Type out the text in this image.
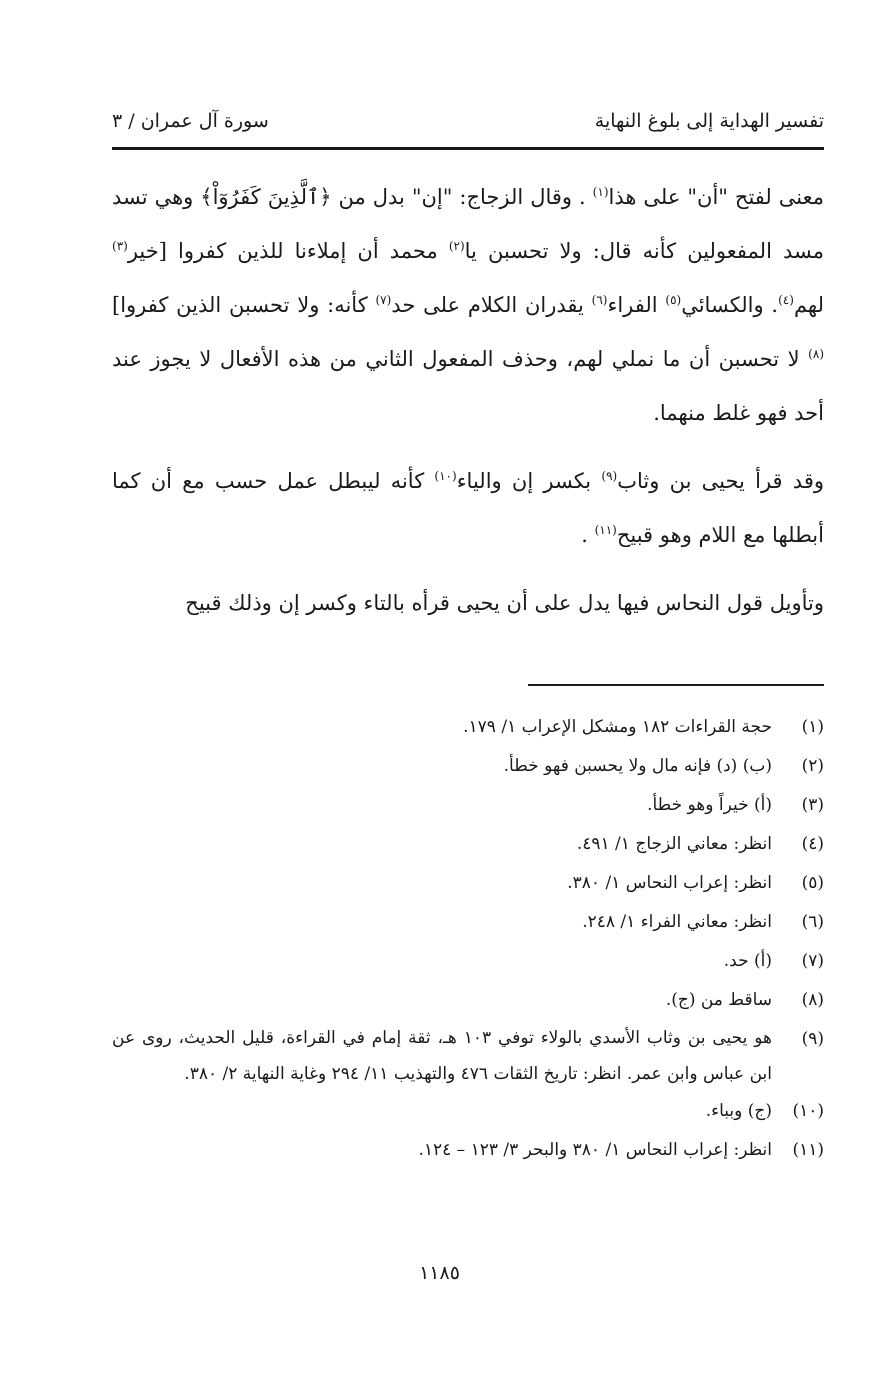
تفسير الهداية إلى بلوغ النهاية
سورة آل عمران / ٣

معنى لفتح "أن" على هذا$^{(١)}$ . وقال الزجاج: "إن" بدل من ﴿ٱلَّذِينَ كَفَرُوٓاْ﴾ وهي تسد مسد المفعولين كأنه قال: ولا تحسبن يا$^{(٢)}$ محمد أن إملاءنا للذين كفروا [خير$^{(٣)}$ لهم$^{(٤)}$. والكسائي$^{(٥)}$ الفراء$^{(٦)}$ يقدران الكلام على حد$^{(٧)}$ كأنه: ولا تحسبن الذين كفروا]$^{(٨)}$ لا تحسبن أن ما نملي لهم، وحذف المفعول الثاني من هذه الأفعال لا يجوز عند أحد فهو غلط منهما.

وقد قرأ يحيى بن وثاب$^{(٩)}$ بكسر إن والياء$^{(١٠)}$ كأنه ليبطل عمل حسب مع أن كما أبطلها مع اللام وهو قبيح$^{(١١)}$ .

وتأويل قول النحاس فيها يدل على أن يحيى قرأه بالتاء وكسر إن وذلك قبيح

(١)
حجة القراءات ١٨٢ ومشكل الإعراب ١/ ١٧٩.
(٢)
(ب) (د) فإنه مال ولا يحسبن فهو خطأ.
(٣)
(أ) خيراً وهو خطأ.
(٤)
انظر: معاني الزجاج ١/ ٤٩١.
(٥)
انظر: إعراب النحاس ١/ ٣٨٠.
(٦)
انظر: معاني الفراء ١/ ٢٤٨.
(٧)
(أ) حد.
(٨)
ساقط من (ج).
(٩)
هو يحيى بن وثاب الأسدي بالولاء توفي ١٠٣ هـ، ثقة إمام في القراءة، قليل الحديث، روى عن ابن عباس وابن عمر. انظر: تاريخ الثقات ٤٧٦ والتهذيب ١١/ ٢٩٤ وغاية النهاية ٢/ ٣٨٠.
(١٠)
(ج) وبباء.
(١١)
انظر: إعراب النحاس ١/ ٣٨٠ والبحر ٣/ ١٢٣ – ١٢٤.
١١٨٥
